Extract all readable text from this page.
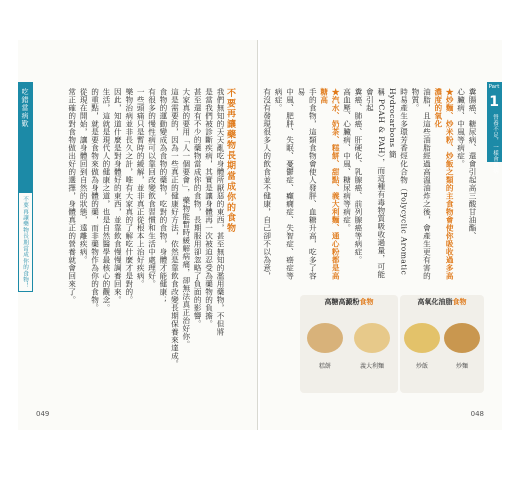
吃錯當病歎
不要再讓藥物長期當成你的食物！
不要再讓藥物長期當成你的食物
我們無知的天天亂吃身體所厭惡的東西，甚至無知的濫用藥物，不但將
是當我們被診斷疾病，其實是讓身體再一次被迫忍受為藥物的負擔。
甚至還有不少的藥物當成你的食物，長期服用卻忽略了負面的影響。
大家真的要用「人一個要會」，藥物能暫時緩解病痛，卻無法真正治好你。
這是需要的，因為一些真正的健康好方法，依然是靠飲食改變長期保養來達成。
食物的運動變成為食物的藥物，吃對的食物，身體才能健康；
有很多的慢性病可以靠回改變飲食習慣和生活中處理好。
一些頭痛只是暫時的緩解，並非真正從根本上治好疾病。
樂物治病並非長久之計，唯有大家真的了解吃什麼才是對的。
因此，知道什麼是對身體好的東西，並靠飲食慢慢調養回來。
生活，這就是現代人的健康之道，也是自然醫學最核心的觀念。
的重點，就是要食物來做為身體的藥，而非藥物作為你的食物。
從現在開始，讓身體回到自然的狀態，遠離疾病。
常正確的對食物做出好的選擇，身體真正的營養就會回來了。
049
Part
1
營養不足，一樣會致病
糞腸癌、糖尿病、還會引起高三酸甘油酯、
心臟病、中風等病症。
★炒麵、炒米粉、炒飯之類的主食物會使你吸收過多高濃度的氧化
油脂，且這些油脂經過高溫油炸之後，會產生更有害的物質。
時易產生多環芳香烴化合物（Polycyclic Aromatic Hydrocarbons 簡
稱 PCAH & PAH），而這種有毒物質吸收過量，可能會引起
糞癌、肺癌、肝硬化、乳腺癌、前列腺癌等病症。
高血壓、心臟病、中風、糖尿病等病症。
★汽水、奶茶、糕餅、甜點、義大利麵、通心粉都是高糖高
手的食物，這類食物會使人發胖、血糖升高，吃多了容易
中風、肥胖、失眠、憂鬱症、癲癇症、失智症、癌症等病症。
有沒有發現很多人的飲食並不健康，自己卻不以為意，
高糖高澱粉食物
糕餅	義大利麵
高氧化油脂食物
炒飯	炒麵
048
